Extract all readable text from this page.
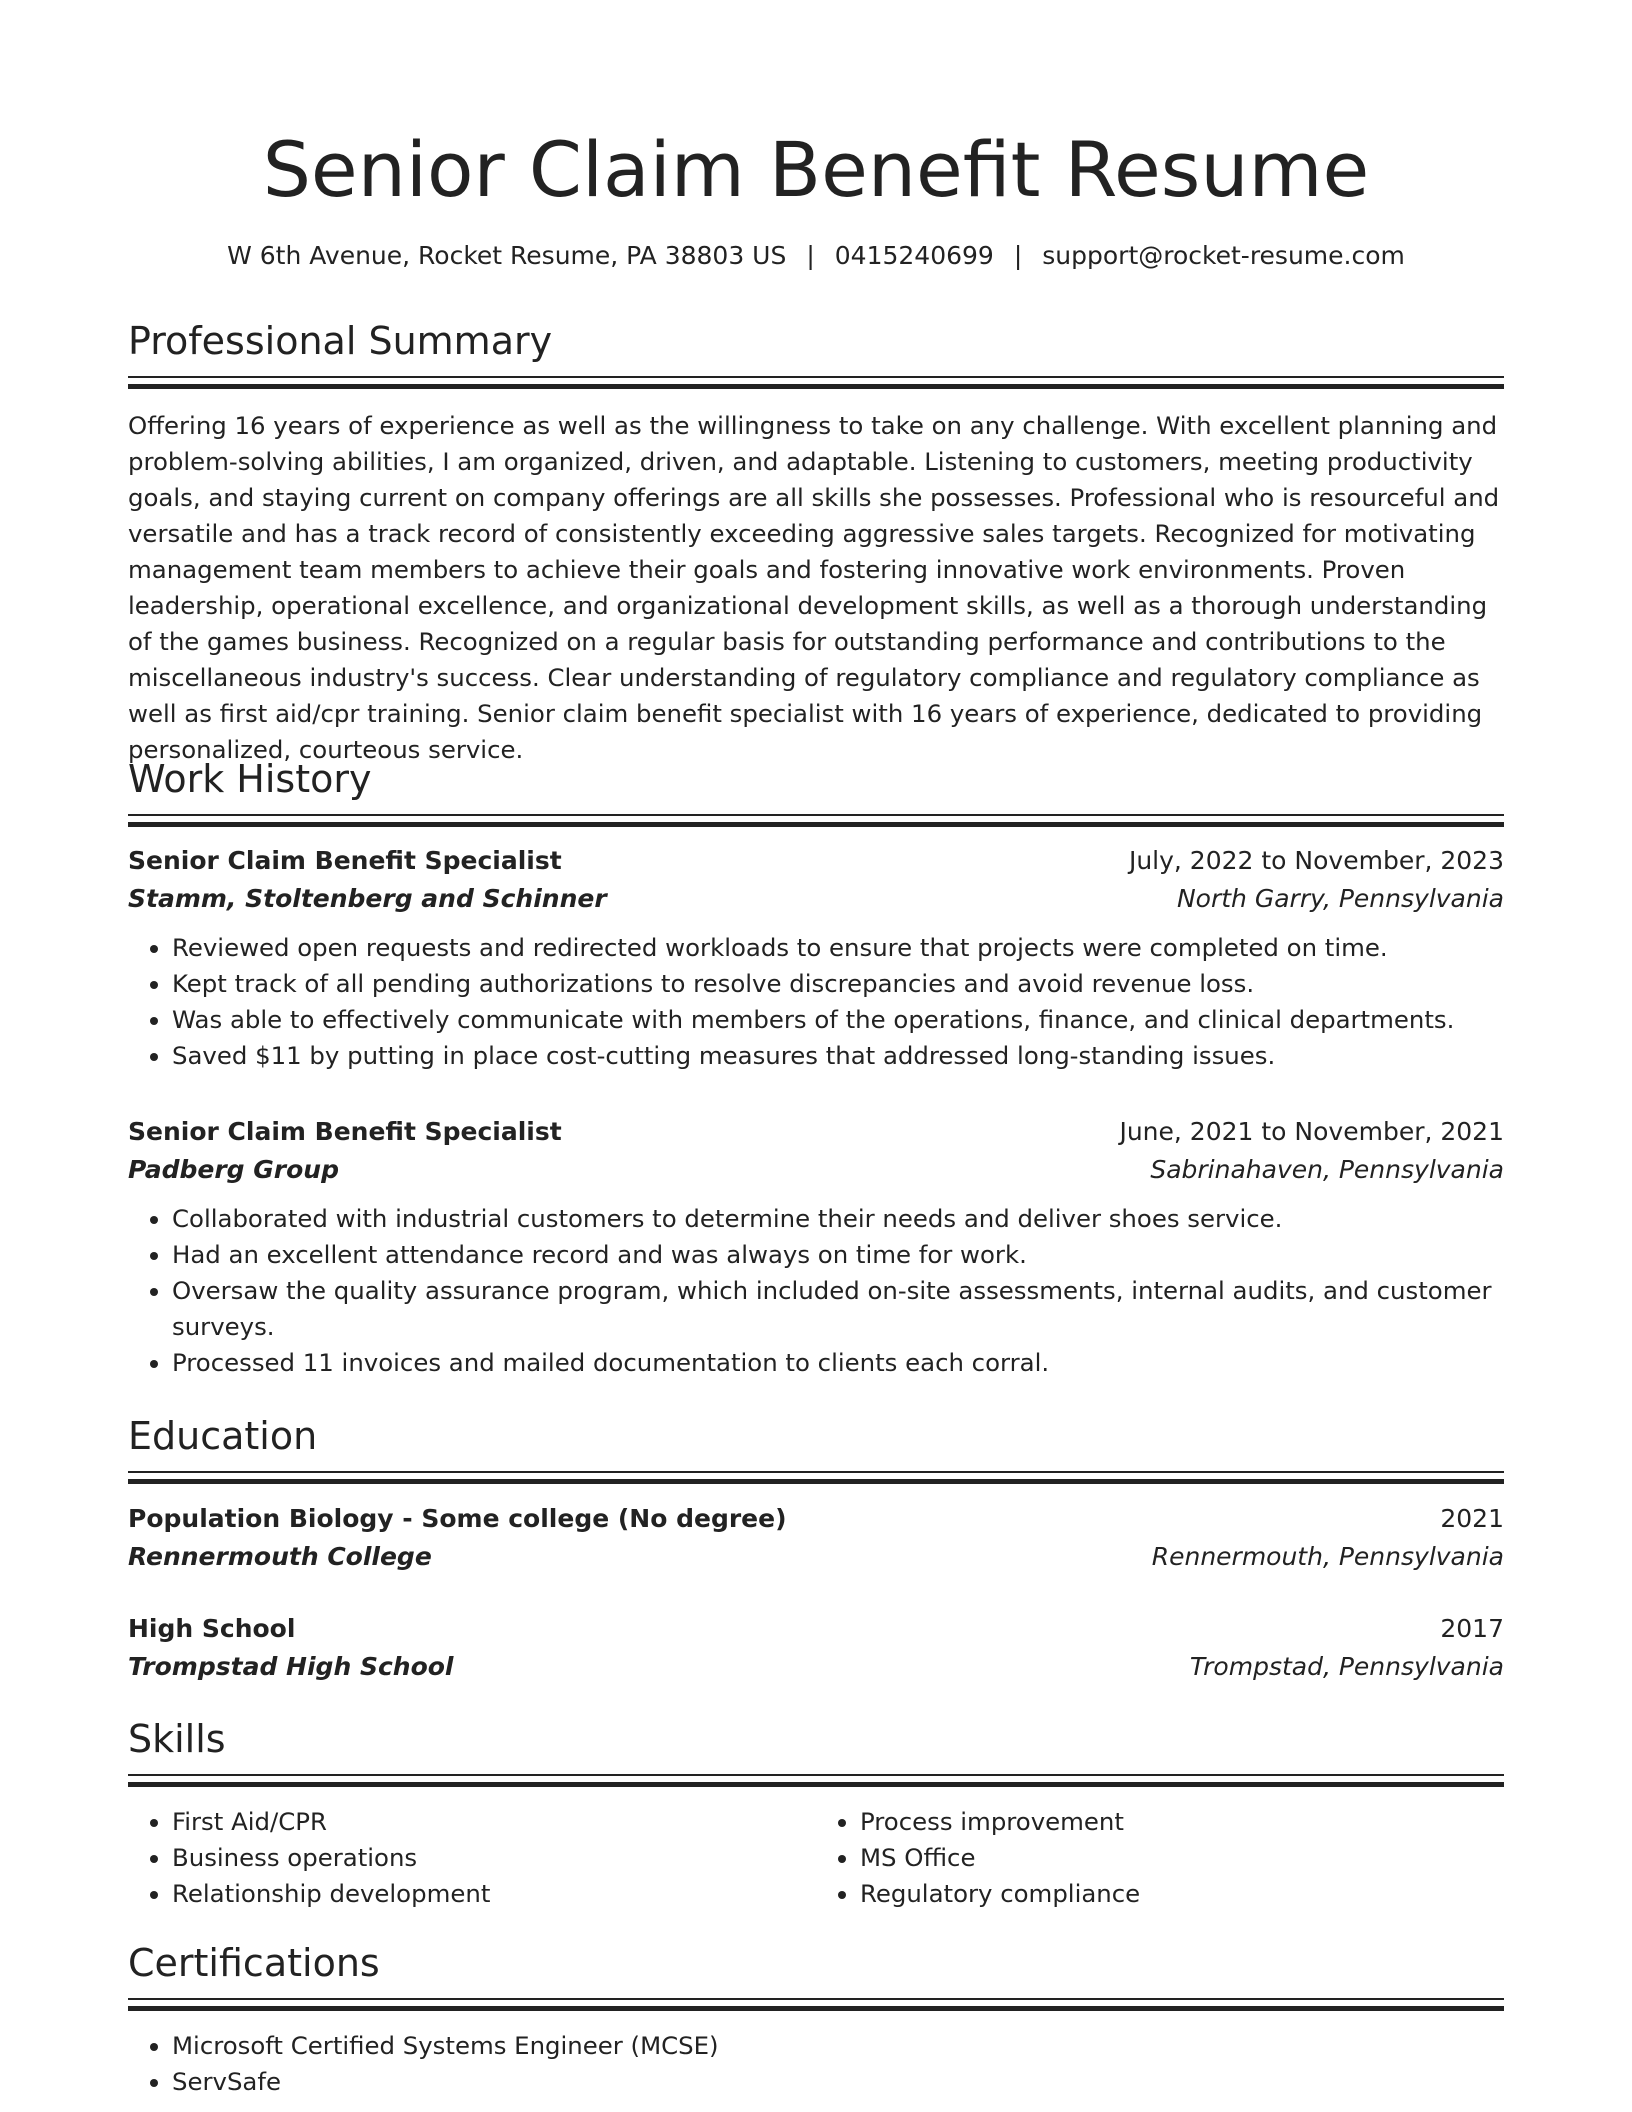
Senior Claim Benefit Resume
W 6th Avenue, Rocket Resume, PA 38803 US | 0415240699 | support@rocket-resume.com
Professional Summary

Offering 16 years of experience as well as the willingness to take on any challenge. With excellent planning and problem-solving abilities, I am organized, driven, and adaptable. Listening to customers, meeting productivity goals, and staying current on company offerings are all skills she possesses. Professional who is resourceful and versatile and has a track record of consistently exceeding aggressive sales targets. Recognized for motivating management team members to achieve their goals and fostering innovative work environments. Proven leadership, operational excellence, and organizational development skills, as well as a thorough understanding of the games business. Recognized on a regular basis for outstanding performance and contributions to the miscellaneous industry's success. Clear understanding of regulatory compliance and regulatory compliance as well as first aid/cpr training. Senior claim benefit specialist with 16 years of experience, dedicated to providing personalized, courteous service.

Work History
Senior Claim Benefit Specialist	July, 2022 to November, 2023
Stamm, Stoltenberg and Schinner	North Garry, Pennsylvania
• Reviewed open requests and redirected workloads to ensure that projects were completed on time.
• Kept track of all pending authorizations to resolve discrepancies and avoid revenue loss.
• Was able to effectively communicate with members of the operations, finance, and clinical departments.
• Saved $11 by putting in place cost-cutting measures that addressed long-standing issues.
Senior Claim Benefit Specialist	June, 2021 to November, 2021
Padberg Group	Sabrinahaven, Pennsylvania
• Collaborated with industrial customers to determine their needs and deliver shoes service.
• Had an excellent attendance record and was always on time for work.
• Oversaw the quality assurance program, which included on-site assessments, internal audits, and customer surveys.
• Processed 11 invoices and mailed documentation to clients each corral.
Education
Population Biology - Some college (No degree)	2021
Rennermouth College	Rennermouth, Pennsylvania
High School	2017
Trompstad High School	Trompstad, Pennsylvania
Skills
• First Aid/CPR
• Business operations
• Relationship development
• Process improvement
• MS Office
• Regulatory compliance
Certifications
• Microsoft Certified Systems Engineer (MCSE)
• ServSafe
